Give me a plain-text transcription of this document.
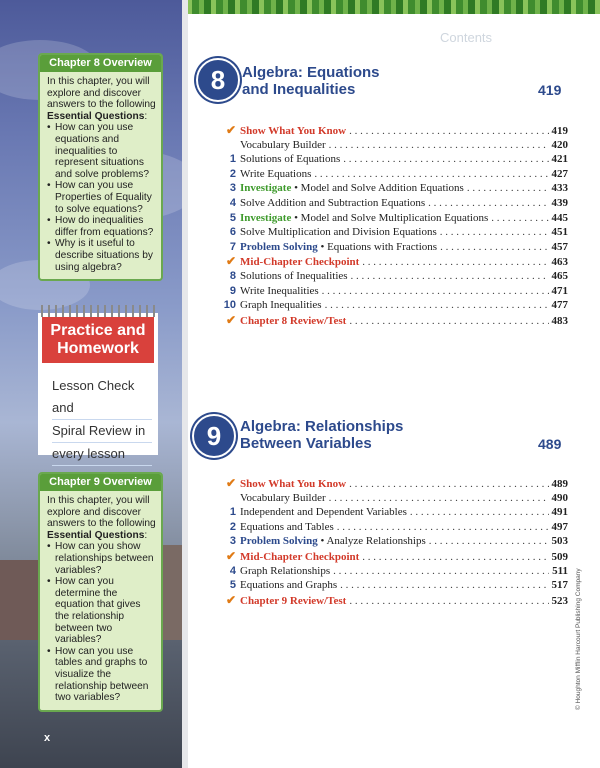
Chapter 8 Overview
In this chapter, you will explore and discover answers to the following Essential Questions:
• How can you use equations and inequalities to represent situations and solve problems?
• How can you use Properties of Equality to solve equations?
• How do inequalities differ from equations?
• Why is it useful to describe situations by using algebra?
Practice and Homework
Lesson Check and
Spiral Review in
every lesson
Chapter 9 Overview
In this chapter, you will explore and discover answers to the following Essential Questions:
• How can you show relationships between variables?
• How can you determine the equation that gives the relationship between two variables?
• How can you use tables and graphs to visualize the relationship between two variables?
x
Contents
8	Algebra: Equations
and Inequalities	419
✔ Show What You Know . . .	419
Vocabulary Builder . . .	420
1 Solutions of Equations . . .	421
2 Write Equations . . .	427
3 Investigate • Model and Solve Addition Equations . . .	433
4 Solve Addition and Subtraction Equations . . .	439
5 Investigate • Model and Solve Multiplication Equations . . .	445
6 Solve Multiplication and Division Equations . . .	451
7 Problem Solving • Equations with Fractions . . .	457
✔ Mid-Chapter Checkpoint . . .	463
8 Solutions of Inequalities . . .	465
9 Write Inequalities . . .	471
10 Graph Inequalities . . .	477
✔ Chapter 8 Review/Test . . .	483
9	Algebra: Relationships
Between Variables	489
✔ Show What You Know . . .	489
Vocabulary Builder . . .	490
1 Independent and Dependent Variables . . .	491
2 Equations and Tables . . .	497
3 Problem Solving • Analyze Relationships . . .	503
✔ Mid-Chapter Checkpoint . . .	509
4 Graph Relationships . . .	511
5 Equations and Graphs . . .	517
✔ Chapter 9 Review/Test . . .	523 © Houghton Mifflin Harcourt Publishing Company
